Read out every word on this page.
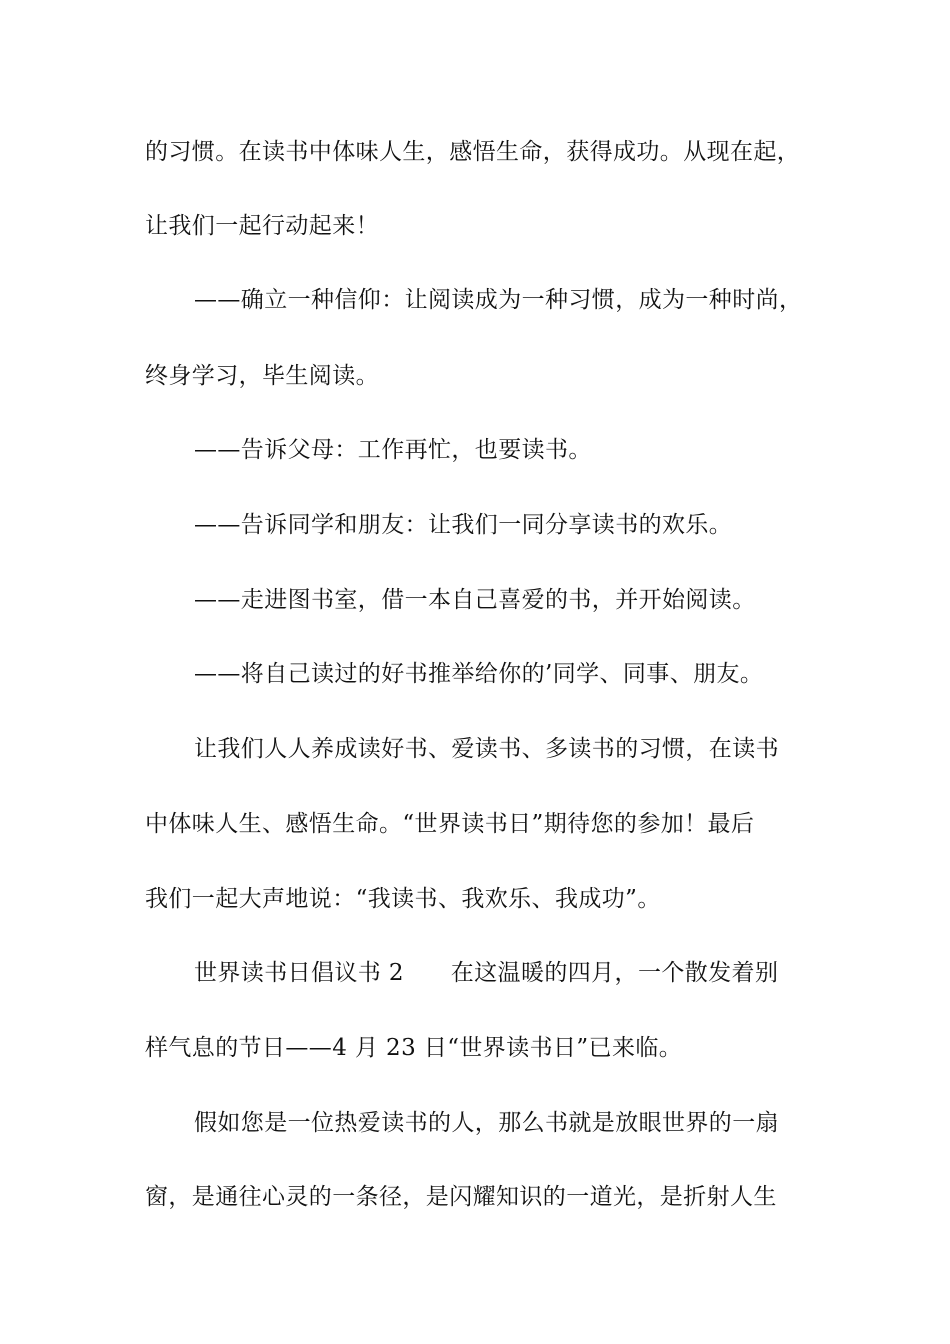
的习惯。在读书中体味人生，感悟生命，获得成功。从现在起，
让我们一起行动起来！
——确立一种信仰：让阅读成为一种习惯，成为一种时尚，
终身学习，毕生阅读。
——告诉父母：工作再忙，也要读书。
——告诉同学和朋友：让我们一同分享读书的欢乐。
——走进图书室，借一本自己喜爱的书，并开始阅读。
——将自己读过的好书推举给你的’同学、同事、朋友。
让我们人人养成读好书、爱读书、多读书的习惯，在读书
中体味人生、感悟生命。“世界读书日”期待您的参加！最后
我们一起大声地说：“我读书、我欢乐、我成功”。
世界读书日倡议书 2　　在这温暖的四月，一个散发着别
样气息的节日——4 月 23 日“世界读书日”已来临。
假如您是一位热爱读书的人，那么书就是放眼世界的一扇
窗，是通往心灵的一条径，是闪耀知识的一道光，是折射人生
